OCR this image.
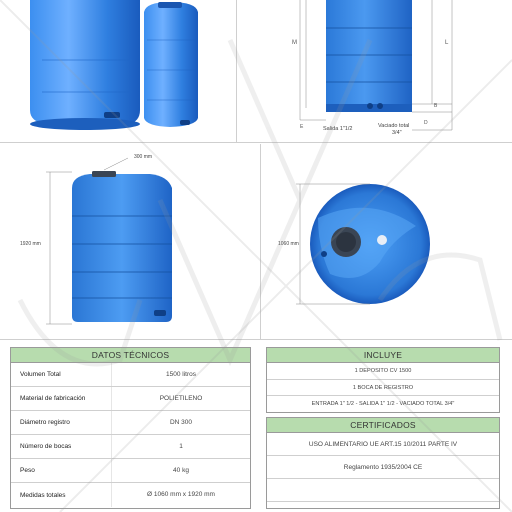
M	L
E
B
D
Salida 1"1/2	Vaciado total
3/4"
300 mm
1920 mm	1060 mm
DATOS TÉCNICOS
Volumen Total	1500 litros
Material de fabricación	POLIETILENO
Diámetro registro	DN 300
Número de bocas	1
Peso	40 kg
Medidas totales	Ø 1060 mm x 1920 mm
INCLUYE
1 DEPOSITO CV 1500
1 BOCA DE REGISTRO
ENTRADA 1" 1/2 - SALIDA 1" 1/2 - VACIADO TOTAL 3/4"
CERTIFICADOS
USO ALIMENTARIO UE ART.15 10/2011 PARTE IV
Reglamento 1935/2004 CE
